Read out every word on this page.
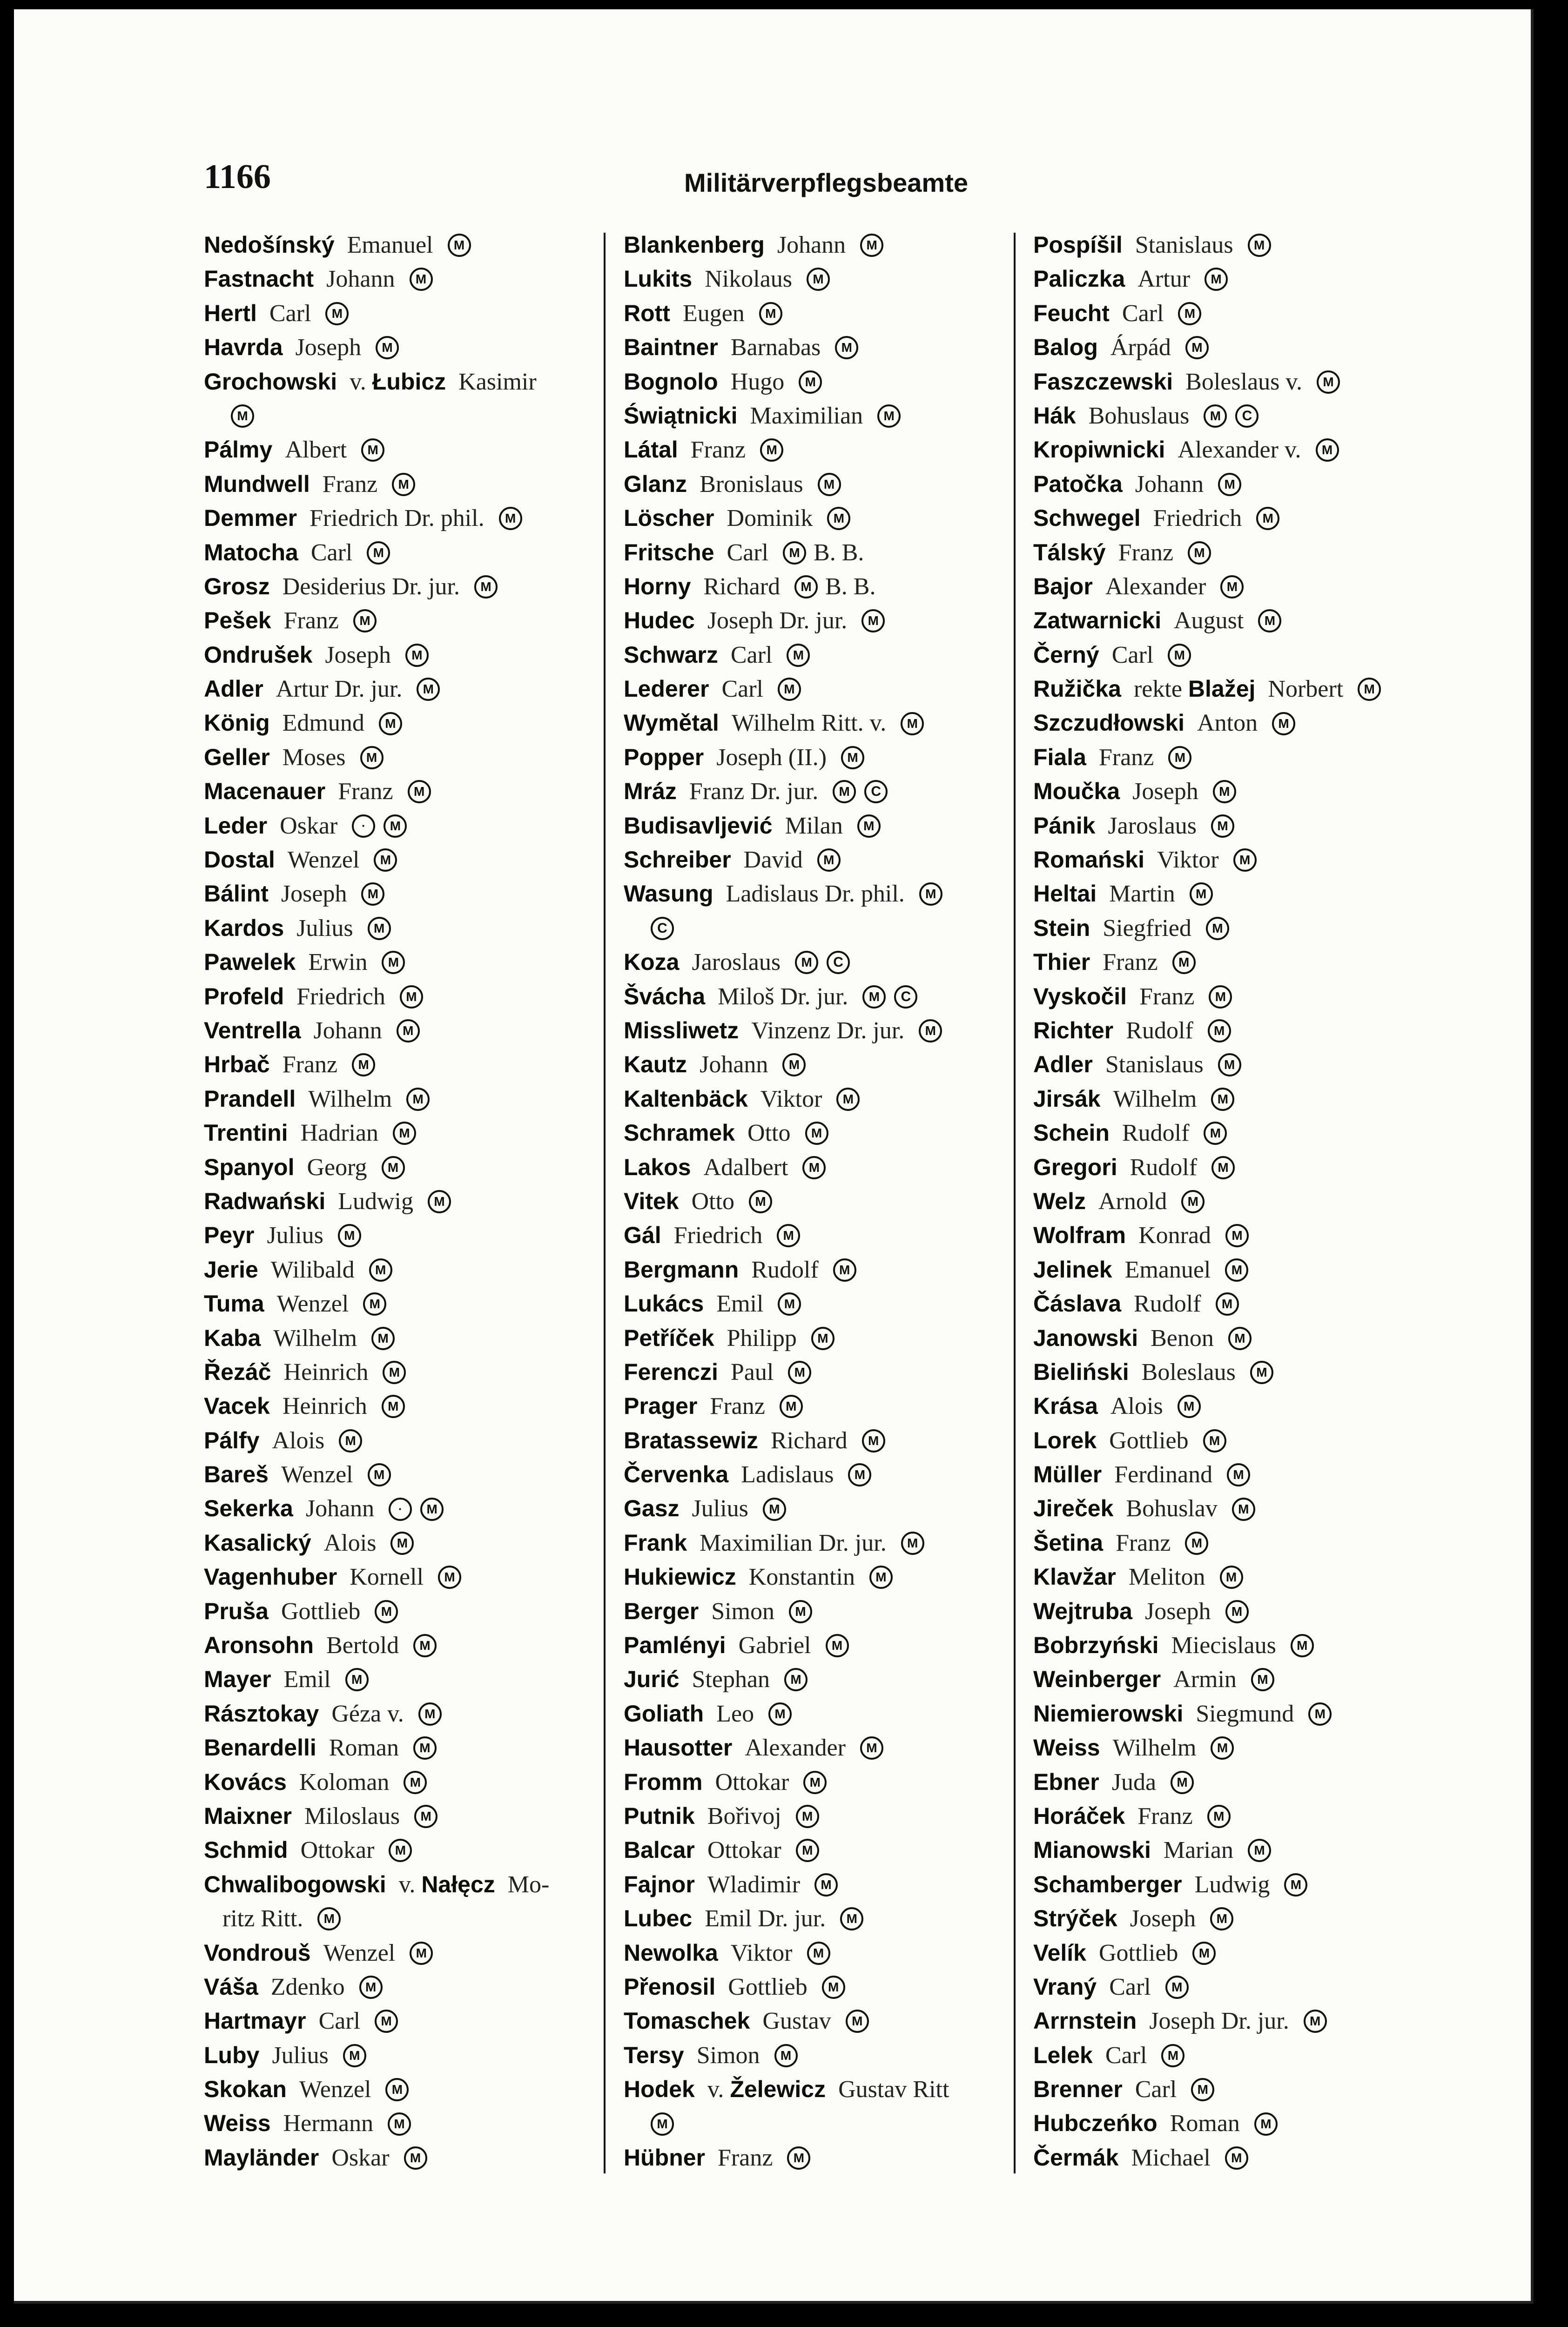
1166	Militärverpflegsbeamte
Nedošínský Emanuel M
Fastnacht Johann M
Hertl Carl M
Havrda Joseph M
Grochowski v. Łubicz Kasimir
M
Pálmy Albert M
Mundwell Franz M
Demmer Friedrich Dr. phil. M
Matocha Carl M
Grosz Desiderius Dr. jur. M
Pešek Franz M
Ondrušek Joseph M
Adler Artur Dr. jur. M
König Edmund M
Geller Moses M
Macenauer Franz M
Leder Oskar · M
Dostal Wenzel M
Bálint Joseph M
Kardos Julius M
Pawelek Erwin M
Profeld Friedrich M
Ventrella Johann M
Hrbač Franz M
Prandell Wilhelm M
Trentini Hadrian M
Spanyol Georg M
Radwański Ludwig M
Peyr Julius M
Jerie Wilibald M
Tuma Wenzel M
Kaba Wilhelm M
Řezáč Heinrich M
Vacek Heinrich M
Pálfy Alois M
Bareš Wenzel M
Sekerka Johann · M
Kasalický Alois M
Vagenhuber Kornell M
Pruša Gottlieb M
Aronsohn Bertold M
Mayer Emil M
Rásztokay Géza v. M
Benardelli Roman M
Kovács Koloman M
Maixner Miloslaus M
Schmid Ottokar M
Chwalibogowski v. Nałęcz Mo-
ritz Ritt. M
Vondrouš Wenzel M
Váša Zdenko M
Hartmayr Carl M
Luby Julius M
Skokan Wenzel M
Weiss Hermann M
Mayländer Oskar M
Blankenberg Johann M
Lukits Nikolaus M
Rott Eugen M
Baintner Barnabas M
Bognolo Hugo M
Świątnicki Maximilian M
Látal Franz M
Glanz Bronislaus M
Löscher Dominik M
Fritsche Carl M B. B.
Horny Richard M B. B.
Hudec Joseph Dr. jur. M
Schwarz Carl M
Lederer Carl M
Wymětal Wilhelm Ritt. v. M
Popper Joseph (II.) M
Mráz Franz Dr. jur. M C
Budisavljević Milan M
Schreiber David M
Wasung Ladislaus Dr. phil. M
C
Koza Jaroslaus M C
Švácha Miloš Dr. jur. M C
Missliwetz Vinzenz Dr. jur. M
Kautz Johann M
Kaltenbäck Viktor M
Schramek Otto M
Lakos Adalbert M
Vitek Otto M
Gál Friedrich M
Bergmann Rudolf M
Lukács Emil M
Petříček Philipp M
Ferenczi Paul M
Prager Franz M
Bratassewiz Richard M
Červenka Ladislaus M
Gasz Julius M
Frank Maximilian Dr. jur. M
Hukiewicz Konstantin M
Berger Simon M
Pamlényi Gabriel M
Jurić Stephan M
Goliath Leo M
Hausotter Alexander M
Fromm Ottokar M
Putnik Bořivoj M
Balcar Ottokar M
Fajnor Wladimir M
Lubec Emil Dr. jur. M
Newolka Viktor M
Přenosil Gottlieb M
Tomaschek Gustav M
Tersy Simon M
Hodek v. Želewicz Gustav Ritt
M
Hübner Franz M
Pospíšil Stanislaus M
Paliczka Artur M
Feucht Carl M
Balog Árpád M
Faszczewski Boleslaus v. M
Hák Bohuslaus M C
Kropiwnicki Alexander v. M
Patočka Johann M
Schwegel Friedrich M
Tálský Franz M
Bajor Alexander M
Zatwarnicki August M
Černý Carl M
Ružička rekte Blažej Norbert M
Szczudłowski Anton M
Fiala Franz M
Moučka Joseph M
Pánik Jaroslaus M
Romański Viktor M
Heltai Martin M
Stein Siegfried M
Thier Franz M
Vyskočil Franz M
Richter Rudolf M
Adler Stanislaus M
Jirsák Wilhelm M
Schein Rudolf M
Gregori Rudolf M
Welz Arnold M
Wolfram Konrad M
Jelinek Emanuel M
Čáslava Rudolf M
Janowski Benon M
Bieliński Boleslaus M
Krása Alois M
Lorek Gottlieb M
Müller Ferdinand M
Jireček Bohuslav M
Šetina Franz M
Klavžar Meliton M
Wejtruba Joseph M
Bobrzyński Miecislaus M
Weinberger Armin M
Niemierowski Siegmund M
Weiss Wilhelm M
Ebner Juda M
Horáček Franz M
Mianowski Marian M
Schamberger Ludwig M
Strýček Joseph M
Velík Gottlieb M
Vraný Carl M
Arrnstein Joseph Dr. jur. M
Lelek Carl M
Brenner Carl M
Hubczeńko Roman M
Čermák Michael M
